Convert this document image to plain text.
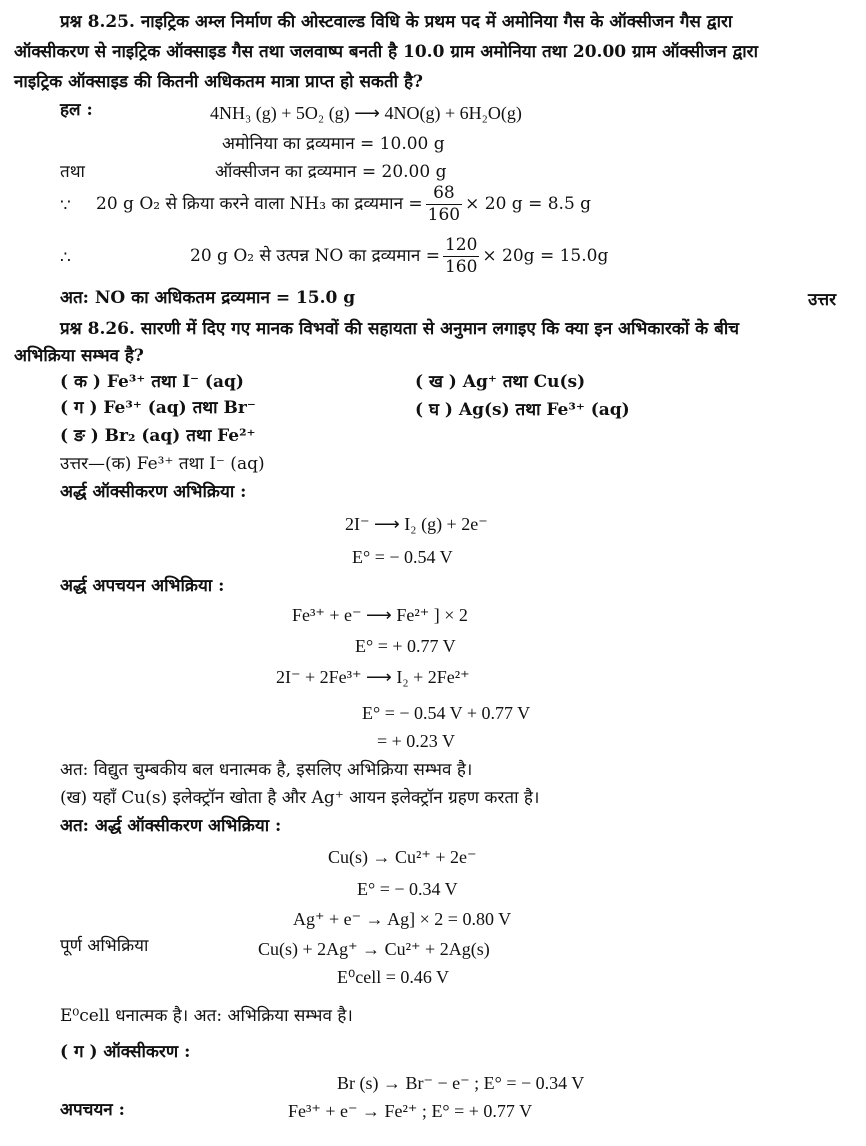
प्रश्न 8.25. नाइट्रिक अम्ल निर्माण की ओस्टवाल्ड विधि के प्रथम पद में अमोनिया गैस के ऑक्सीजन गैस द्वारा
ऑक्सीकरण से नाइट्रिक ऑक्साइड गैस तथा जलवाष्प बनती है 10.0 ग्राम अमोनिया तथा 20.00 ग्राम ऑक्सीजन द्वारा
नाइट्रिक ऑक्साइड की कितनी अधिकतम मात्रा प्राप्त हो सकती है?
हल :	4NH₃ (g) + 5O₂ (g) ⟶ 4NO(g) + 6H₂O(g)
अमोनिया का द्रव्यमान = 10.00 g
तथा	ऑक्सीजन का द्रव्यमान = 20.00 g
∵ 20 g O₂ से क्रिया करने वाला NH₃ का द्रव्यमान = $\frac{68}{160} \times 20$ g = 8.5 g
∴	20 g O₂ से उत्पन्न NO का द्रव्यमान = $\frac{120}{160} \times 20g = 15.0g$
अत: NO का अधिकतम द्रव्यमान = 15.0 g	उत्तर
प्रश्न 8.26. सारणी में दिए गए मानक विभवों की सहायता से अनुमान लगाइए कि क्या इन अभिकारकों के बीच
अभिक्रिया सम्भव है?
( क ) Fe³⁺ तथा I⁻ (aq)	( ख ) Ag⁺ तथा Cu(s)
( ग ) Fe³⁺ (aq) तथा Br⁻	( घ ) Ag(s) तथा Fe³⁺ (aq)
( ङ ) Br₂ (aq) तथा Fe²⁺
उत्तर—(क) Fe³⁺ तथा I⁻ (aq)
अर्द्ध ऑक्सीकरण अभिक्रिया :
2I⁻ ⟶ I₂ (g) + 2e⁻
E° = − 0.54 V
अर्द्ध अपचयन अभिक्रिया :
Fe³⁺ + e⁻ ⟶ Fe²⁺ ] × 2
E° = + 0.77 V
2I⁻ + 2Fe³⁺ ⟶ I₂ + 2Fe²⁺
E° = − 0.54 V + 0.77 V
= + 0.23 V
अत: विद्युत चुम्बकीय बल धनात्मक है, इसलिए अभिक्रिया सम्भव है।
(ख) यहाँ Cu(s) इलेक्ट्रॉन खोता है और Ag⁺ आयन इलेक्ट्रॉन ग्रहण करता है।
अत: अर्द्ध ऑक्सीकरण अभिक्रिया :
Cu(s) → Cu²⁺ + 2e⁻
E° = − 0.34 V
Ag⁺ + e⁻ → Ag] × 2 = 0.80 V
पूर्ण अभिक्रिया	Cu(s) + 2Ag⁺ → Cu²⁺ + 2Ag(s)
E⁰cell = 0.46 V
E⁰cell धनात्मक है। अत: अभिक्रिया सम्भव है।
( ग ) ऑक्सीकरण :
Br (s) → Br⁻ − e⁻ ; E° = − 0.34 V
अपचयन :	Fe³⁺ + e⁻ → Fe²⁺ ; E° = + 0.77 V
